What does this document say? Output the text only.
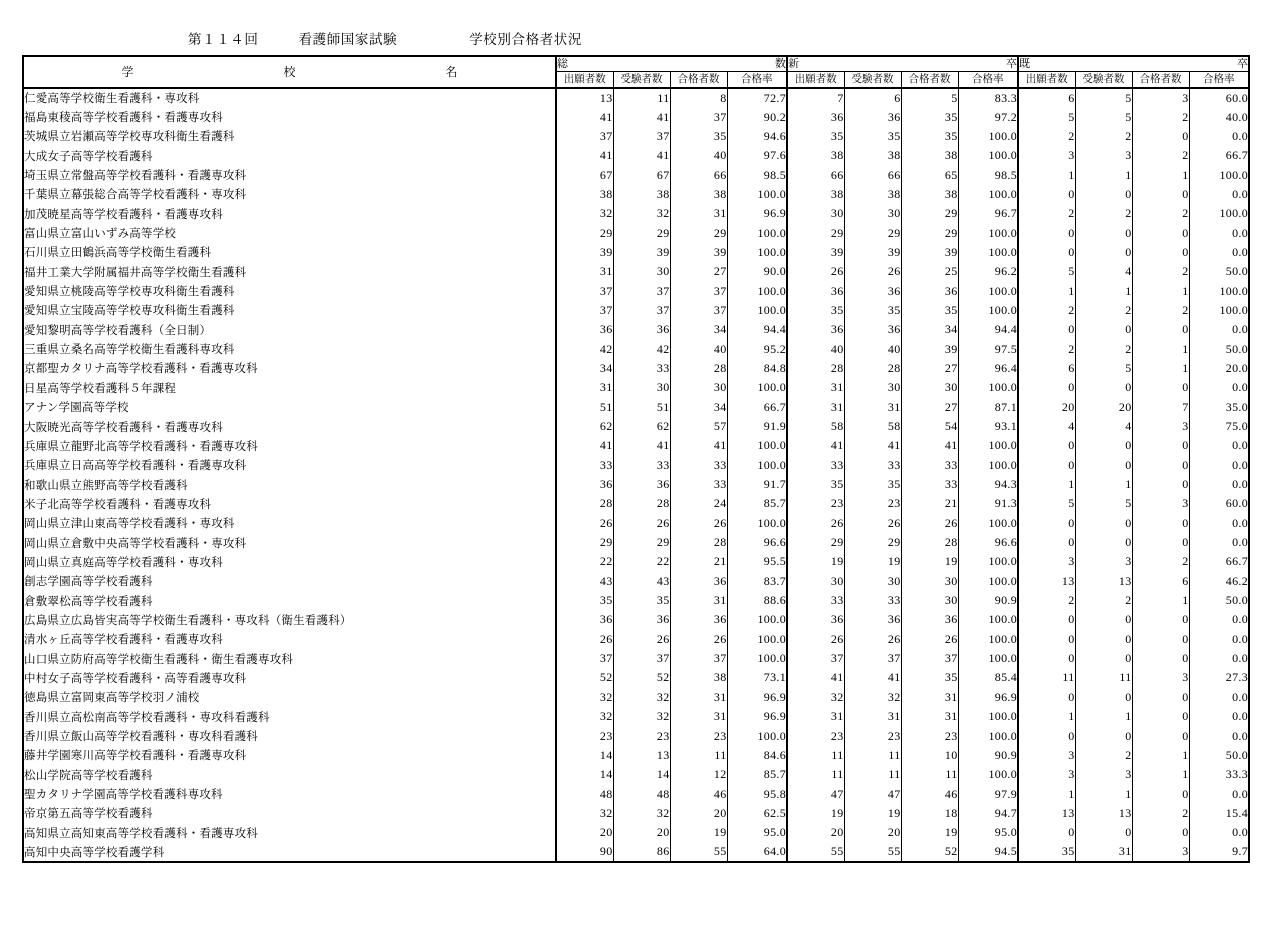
第１１４回	看護師国家試験	学校別合格者状況
学 校 名	総		数		新		卒		既		卒	
	出願者数	受験者数	合格者数	合格率	出願者数	受験者数	合格者数	合格率	出願者数	受験者数	合格者数	合格率
仁愛高等学校衛生看護科・専攻科	13	11	8	72.7	7	6	5	83.3	6	5	3	60.0
福島東稜高等学校看護科・看護専攻科	41	41	37	90.2	36	36	35	97.2	5	5	2	40.0
茨城県立岩瀬高等学校専攻科衛生看護科	37	37	35	94.6	35	35	35	100.0	2	2	0	0.0
大成女子高等学校看護科	41	41	40	97.6	38	38	38	100.0	3	3	2	66.7
埼玉県立常盤高等学校看護科・看護専攻科	67	67	66	98.5	66	66	65	98.5	1	1	1	100.0
千葉県立幕張総合高等学校看護科・専攻科	38	38	38	100.0	38	38	38	100.0	0	0	0	0.0
加茂暁星高等学校看護科・看護専攻科	32	32	31	96.9	30	30	29	96.7	2	2	2	100.0
富山県立富山いずみ高等学校	29	29	29	100.0	29	29	29	100.0	0	0	0	0.0
石川県立田鶴浜高等学校衛生看護科	39	39	39	100.0	39	39	39	100.0	0	0	0	0.0
福井工業大学附属福井高等学校衛生看護科	31	30	27	90.0	26	26	25	96.2	5	4	2	50.0
愛知県立桃陵高等学校専攻科衛生看護科	37	37	37	100.0	36	36	36	100.0	1	1	1	100.0
愛知県立宝陵高等学校専攻科衛生看護科	37	37	37	100.0	35	35	35	100.0	2	2	2	100.0
愛知黎明高等学校看護科（全日制）	36	36	34	94.4	36	36	34	94.4	0	0	0	0.0
三重県立桑名高等学校衛生看護科専攻科	42	42	40	95.2	40	40	39	97.5	2	2	1	50.0
京都聖カタリナ高等学校看護科・看護専攻科	34	33	28	84.8	28	28	27	96.4	6	5	1	20.0
日星高等学校看護科５年課程	31	30	30	100.0	31	30	30	100.0	0	0	0	0.0
アナン学園高等学校	51	51	34	66.7	31	31	27	87.1	20	20	7	35.0
大阪暁光高等学校看護科・看護専攻科	62	62	57	91.9	58	58	54	93.1	4	4	3	75.0
兵庫県立龍野北高等学校看護科・看護専攻科	41	41	41	100.0	41	41	41	100.0	0	0	0	0.0
兵庫県立日高高等学校看護科・看護専攻科	33	33	33	100.0	33	33	33	100.0	0	0	0	0.0
和歌山県立熊野高等学校看護科	36	36	33	91.7	35	35	33	94.3	1	1	0	0.0
米子北高等学校看護科・看護専攻科	28	28	24	85.7	23	23	21	91.3	5	5	3	60.0
岡山県立津山東高等学校看護科・専攻科	26	26	26	100.0	26	26	26	100.0	0	0	0	0.0
岡山県立倉敷中央高等学校看護科・専攻科	29	29	28	96.6	29	29	28	96.6	0	0	0	0.0
岡山県立真庭高等学校看護科・専攻科	22	22	21	95.5	19	19	19	100.0	3	3	2	66.7
創志学園高等学校看護科	43	43	36	83.7	30	30	30	100.0	13	13	6	46.2
倉敷翠松高等学校看護科	35	35	31	88.6	33	33	30	90.9	2	2	1	50.0
広島県立広島皆実高等学校衛生看護科・専攻科（衛生看護科）	36	36	36	100.0	36	36	36	100.0	0	0	0	0.0
清水ヶ丘高等学校看護科・看護専攻科	26	26	26	100.0	26	26	26	100.0	0	0	0	0.0
山口県立防府高等学校衛生看護科・衛生看護専攻科	37	37	37	100.0	37	37	37	100.0	0	0	0	0.0
中村女子高等学校看護科・高等看護専攻科	52	52	38	73.1	41	41	35	85.4	11	11	3	27.3
徳島県立富岡東高等学校羽ノ浦校	32	32	31	96.9	32	32	31	96.9	0	0	0	0.0
香川県立高松南高等学校看護科・専攻科看護科	32	32	31	96.9	31	31	31	100.0	1	1	0	0.0
香川県立飯山高等学校看護科・専攻科看護科	23	23	23	100.0	23	23	23	100.0	0	0	0	0.0
藤井学園寒川高等学校看護科・看護専攻科	14	13	11	84.6	11	11	10	90.9	3	2	1	50.0
松山学院高等学校看護科	14	14	12	85.7	11	11	11	100.0	3	3	1	33.3
聖カタリナ学園高等学校看護科専攻科	48	48	46	95.8	47	47	46	97.9	1	1	0	0.0
帝京第五高等学校看護科	32	32	20	62.5	19	19	18	94.7	13	13	2	15.4
高知県立高知東高等学校看護科・看護専攻科	20	20	19	95.0	20	20	19	95.0	0	0	0	0.0
高知中央高等学校看護学科	90	86	55	64.0	55	55	52	94.5	35	31	3	9.7
